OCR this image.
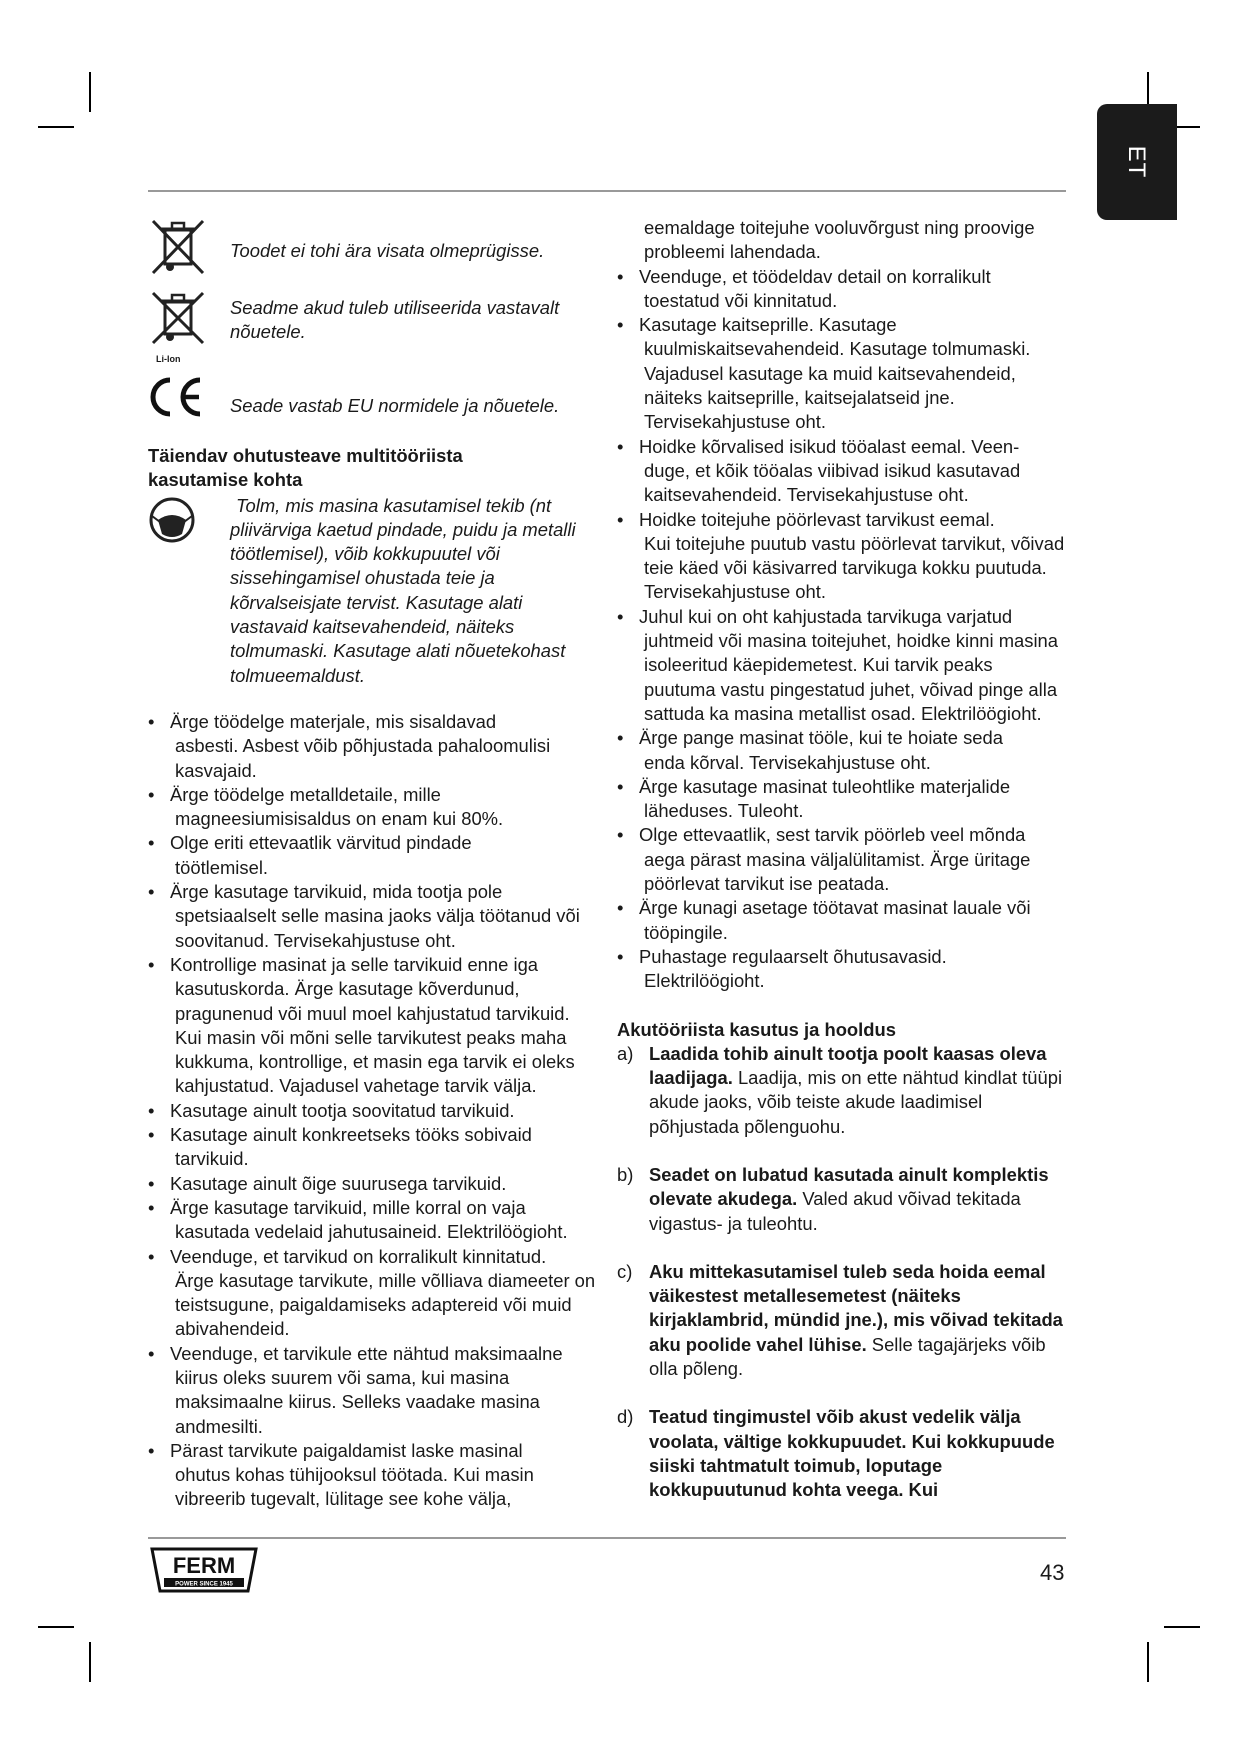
ET
Toodet ei tohi ära visata olmeprügisse.
Li-Ion
Seadme akud tuleb utiliseerida vastavalt nõuetele.
Seade vastab EU normidele ja nõuetele.

Täiendav ohutusteave multitööriista kasutamise kohta

Tolm, mis masina kasutamisel tekib (nt pliivärviga kaetud pindade, puidu ja metalli töötlemisel), võib kokkupuutel või sissehingamisel ohustada teie ja kõrvalseisjate tervist. Kasutage alati vastavaid kaitsevahendeid, näiteks tolmumaski. Kasutage alati nõuetekohast tolmueemaldust.
• Ärge töödelge materjale, mis sisaldavad
asbesti. Asbest võib põhjustada pahaloomulisi kasvajaid.
• Ärge töödelge metalldetaile, mille
magneesiumisisaldus on enam kui 80%.
• Olge eriti ettevaatlik värvitud pindade
töötlemisel.
• Ärge kasutage tarvikuid, mida tootja pole
spetsiaalselt selle masina jaoks välja töötanud või soovitanud. Tervisekahjustuse oht.
• Kontrollige masinat ja selle tarvikuid enne iga
kasutuskorda. Ärge kasutage kõverdunud, pragunenud või muul moel kahjustatud tarvikuid. Kui masin või mõni selle tarvikutest peaks maha kukkuma, kontrollige, et masin ega tarvik ei oleks kahjustatud. Vajadusel vahetage tarvik välja.
• Kasutage ainult tootja soovitatud tarvikuid.
• Kasutage ainult konkreetseks tööks sobivaid
tarvikuid.
• Kasutage ainult õige suurusega tarvikuid.
• Ärge kasutage tarvikuid, mille korral on vaja
kasutada vedelaid jahutusaineid. Elektrilöögioht.
• Veenduge, et tarvikud on korralikult kinnitatud.
Ärge kasutage tarvikute, mille võlliava diameeter on teistsugune, paigaldamiseks adaptereid või muid abivahendeid.
• Veenduge, et tarvikule ette nähtud maksimaalne
kiirus oleks suurem või sama, kui masina maksimaalne kiirus. Selleks vaadake masina andmesilti.
• Pärast tarvikute paigaldamist laske masinal
ohutus kohas tühijooksul töötada. Kui masin vibreerib tugevalt, lülitage see kohe välja,
eemaldage toitejuhe vooluvõrgust ning proovige probleemi lahendada.
• Veenduge, et töödeldav detail on korralikult
toestatud või kinnitatud.
• Kasutage kaitseprille. Kasutage
kuulmiskaitsevahendeid. Kasutage tolmumaski. Vajadusel kasutage ka muid kaitsevahendeid, näiteks kaitseprille, kaitsejalatseid jne. Tervisekahjustuse oht.
• Hoidke kõrvalised isikud tööalast eemal. Veen-
duge, et kõik tööalas viibivad isikud kasutavad kaitsevahendeid. Tervisekahjustuse oht.
• Hoidke toitejuhe pöörlevast tarvikust eemal.
Kui toitejuhe puutub vastu pöörlevat tarvikut, võivad teie käed või käsivarred tarvikuga kokku puutuda. Tervisekahjustuse oht.
• Juhul kui on oht kahjustada tarvikuga varjatud
juhtmeid või masina toitejuhet, hoidke kinni masina isoleeritud käepidemetest. Kui tarvik peaks puutuma vastu pingestatud juhet, võivad pinge alla sattuda ka masina metallist osad. Elektrilöögioht.
• Ärge pange masinat tööle, kui te hoiate seda
enda kõrval. Tervisekahjustuse oht.
• Ärge kasutage masinat tuleohtlike materjalide
läheduses. Tuleoht.
• Olge ettevaatlik, sest tarvik pöörleb veel mõnda
aega pärast masina väljalülitamist. Ärge üritage pöörlevat tarvikut ise peatada.
• Ärge kunagi asetage töötavat masinat lauale või
tööpingile.
• Puhastage regulaarselt õhutusavasid.
Elektrilöögioht.

Akutööriista kasutus ja hooldus

a) Laadida tohib ainult tootja poolt kaasas oleva laadijaga. Laadija, mis on ette nähtud kindlat tüüpi akude jaoks, võib teiste akude laadimisel põhjustada põlenguohu.
b) Seadet on lubatud kasutada ainult komplektis olevate akudega. Valed akud võivad tekitada vigastus- ja tuleohtu.
c) Aku mittekasutamisel tuleb seda hoida eemal väikestest metallesemetest (näiteks kirjaklambrid, mündid jne.), mis võivad tekitada aku poolide vahel lühise. Selle tagajärjeks võib olla põleng.
d) Teatud tingimustel võib akust vedelik välja voolata, vältige kokkupuudet. Kui kokkupuude siiski tahtmatult toimub, loputage kokkupuutunud kohta veega. Kui
FERM
POWER SINCE 1945	43
